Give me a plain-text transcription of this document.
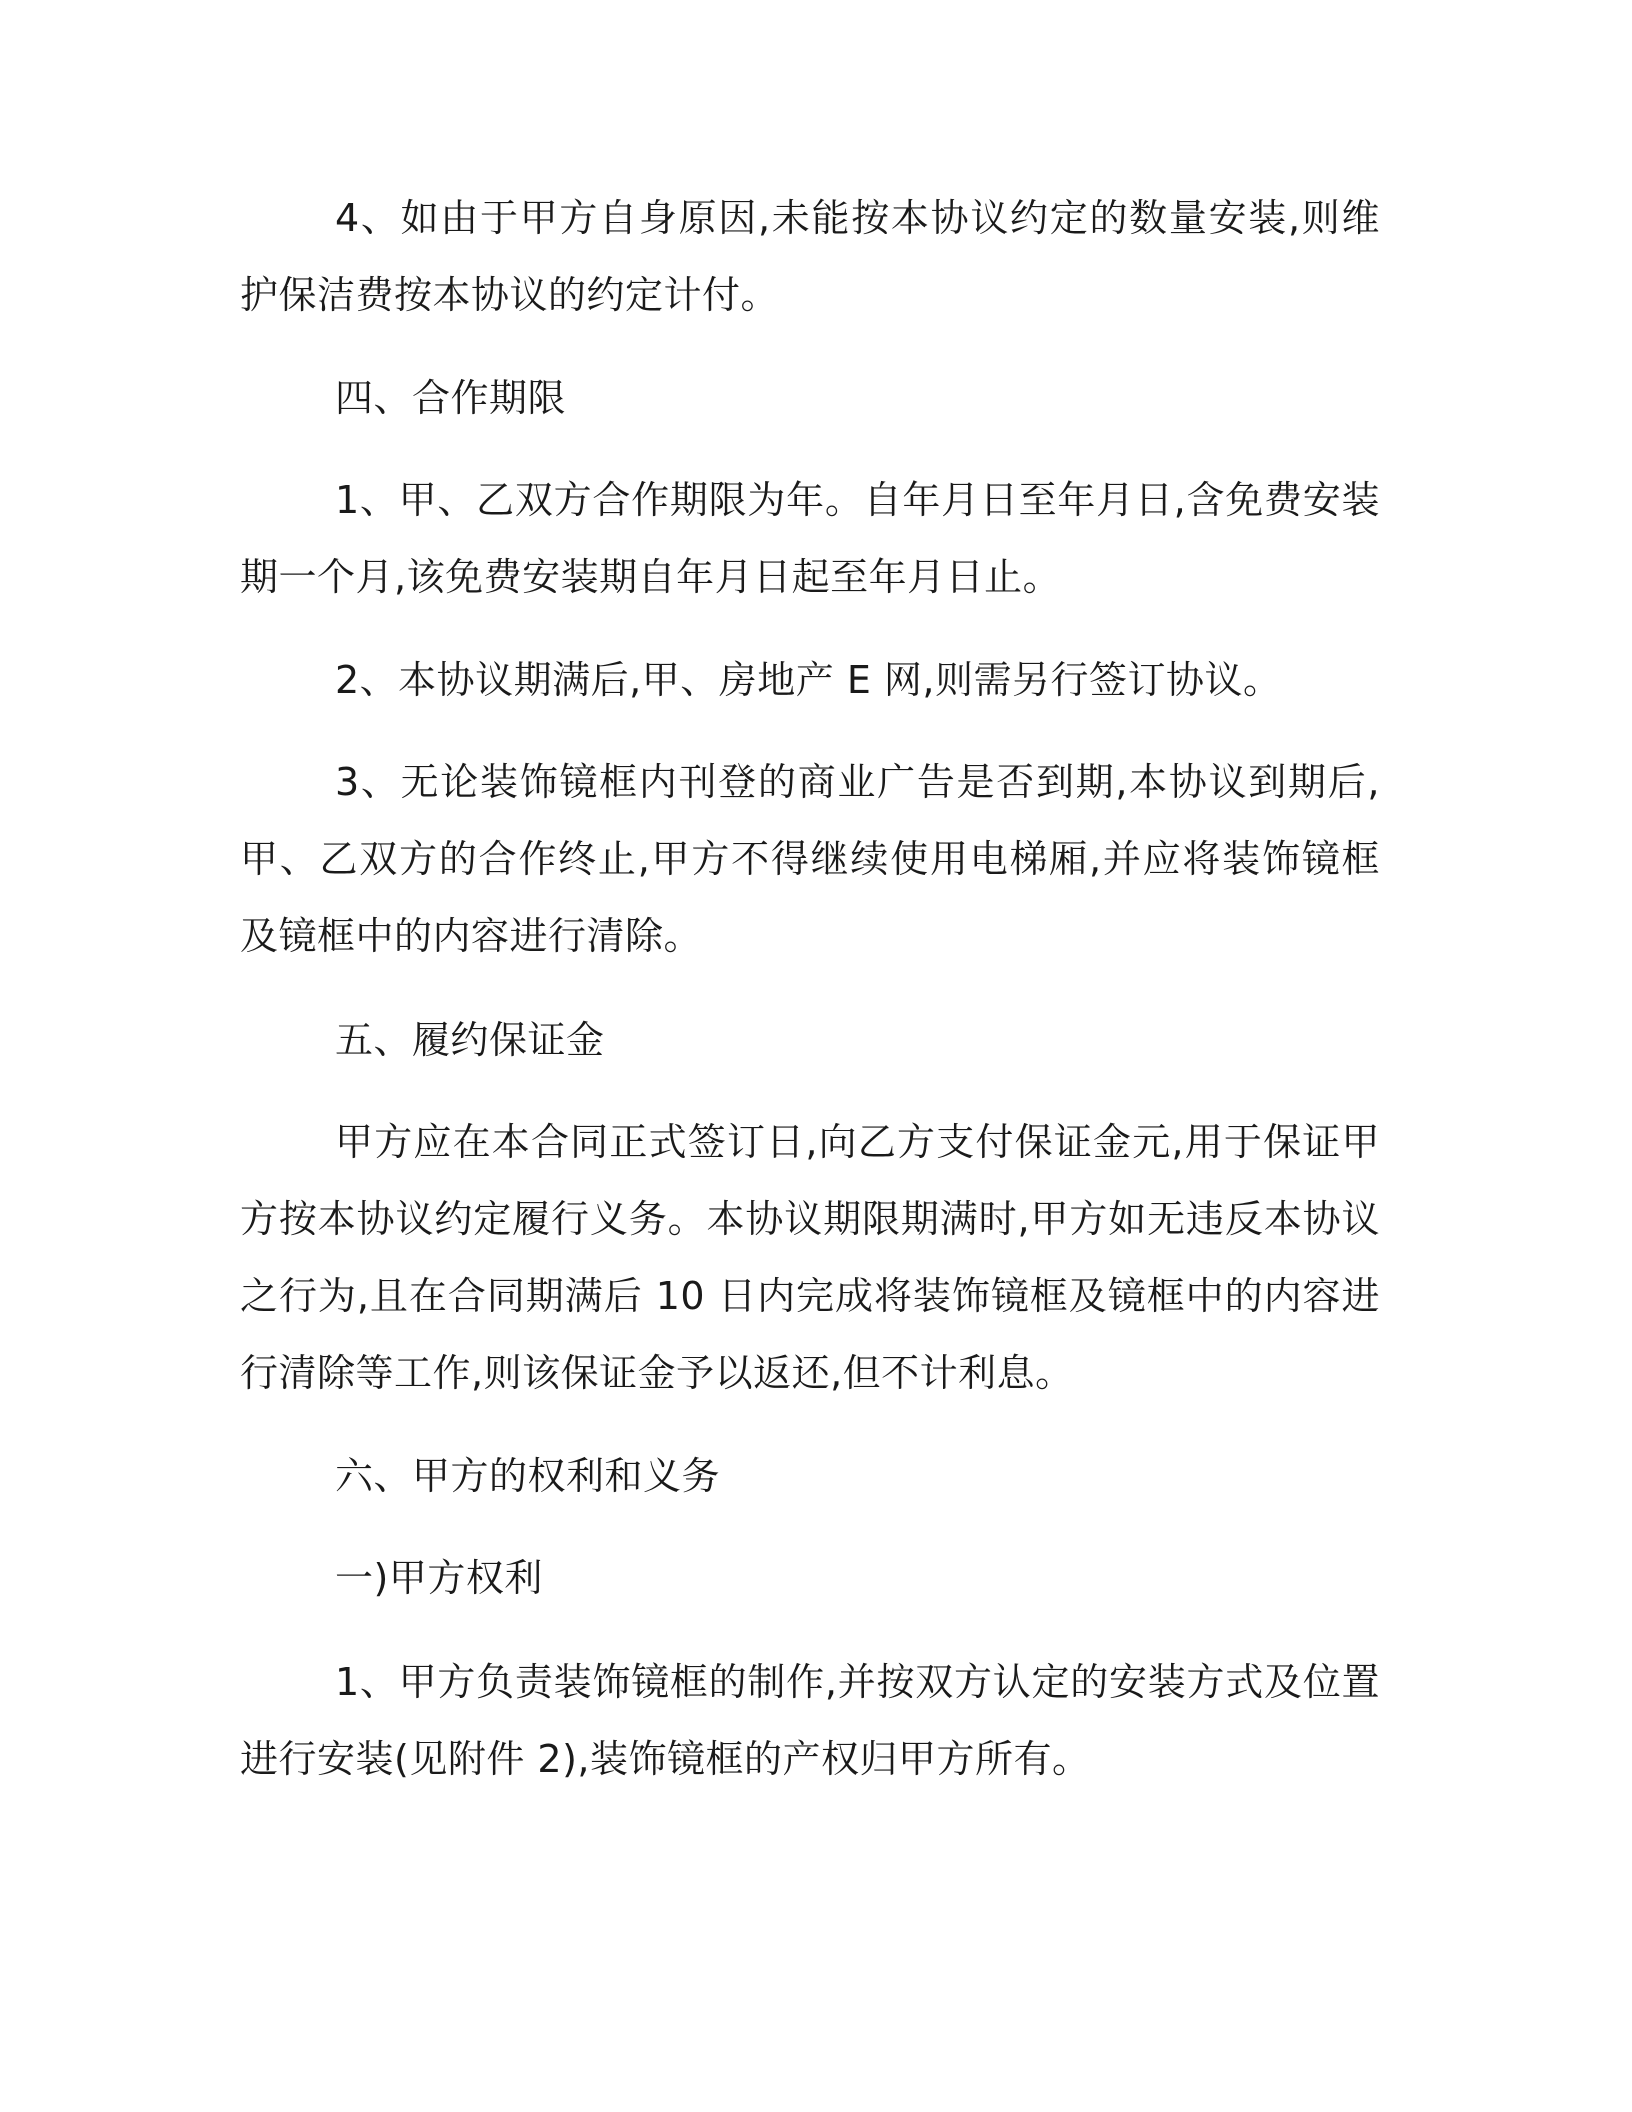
4、如由于甲方自身原因,未能按本协议约定的数量安装,则维护保洁费按本协议的约定计付。

四、合作期限

1、甲、乙双方合作期限为年。自年月日至年月日,含免费安装期一个月,该免费安装期自年月日起至年月日止。

2、本协议期满后,甲、房地产 E 网,则需另行签订协议。

3、无论装饰镜框内刊登的商业广告是否到期,本协议到期后,甲、乙双方的合作终止,甲方不得继续使用电梯厢,并应将装饰镜框及镜框中的内容进行清除。

五、履约保证金

甲方应在本合同正式签订日,向乙方支付保证金元,用于保证甲方按本协议约定履行义务。本协议期限期满时,甲方如无违反本协议之行为,且在合同期满后 10 日内完成将装饰镜框及镜框中的内容进行清除等工作,则该保证金予以返还,但不计利息。

六、甲方的权利和义务

一)甲方权利

1、甲方负责装饰镜框的制作,并按双方认定的安装方式及位置进行安装(见附件 2),装饰镜框的产权归甲方所有。
